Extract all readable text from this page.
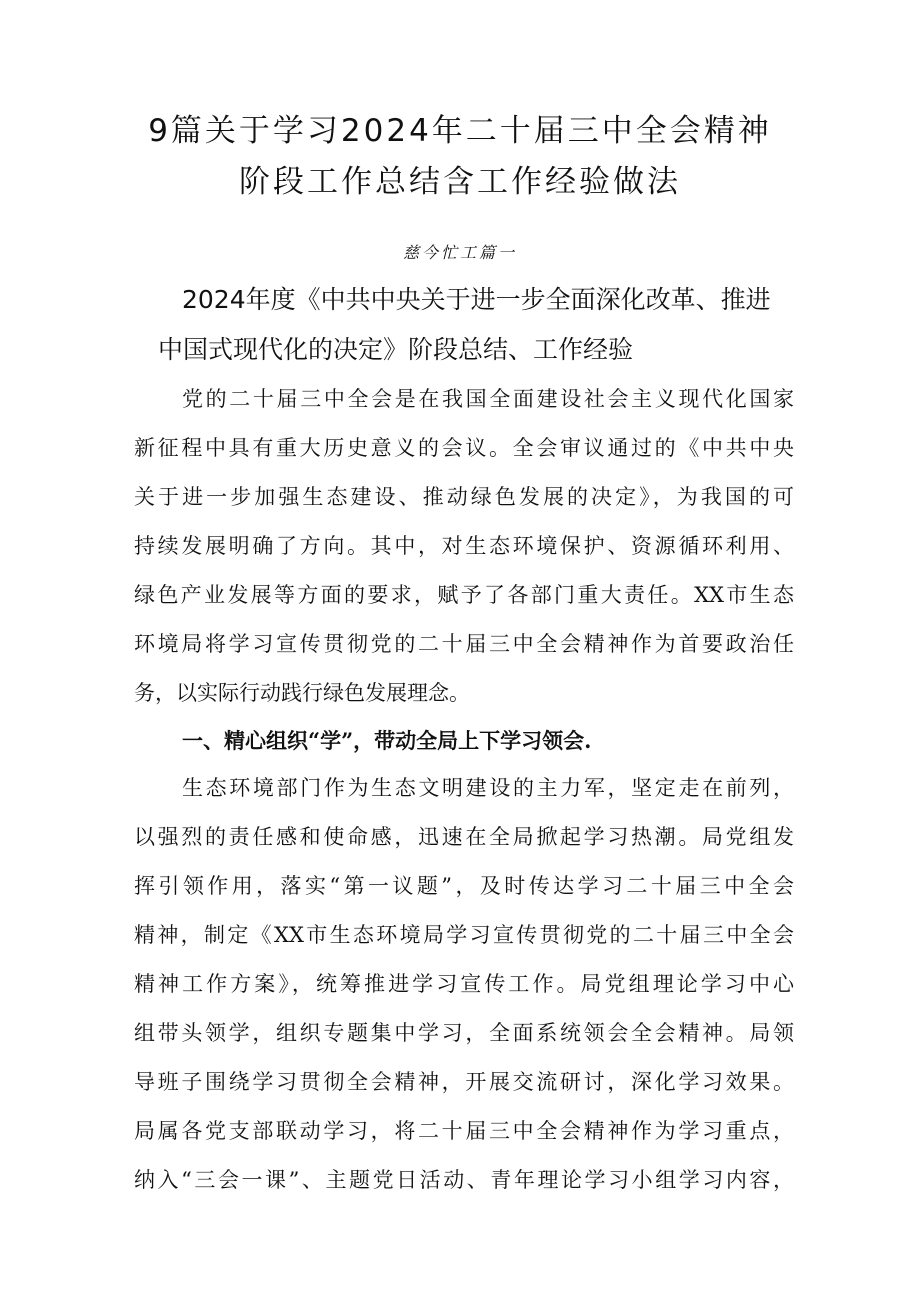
9篇关于学习2024年二十届三中全会精神
阶段工作总结含工作经验做法
慈今忙工篇一
2024年度《中共中央关于进一步全面深化改革、推进
中国式现代化的决定》阶段总结、工作经验
党的二十届三中全会是在我国全面建设社会主义现代化国家
新征程中具有重大历史意义的会议。全会审议通过的《中共中央
关于进一步加强生态建设、推动绿色发展的决定》，为我国的可
持续发展明确了方向。其中，对生态环境保护、资源循环利用、
绿色产业发展等方面的要求，赋予了各部门重大责任。XX市生态
环境局将学习宣传贯彻党的二十届三中全会精神作为首要政治任
务，以实际行动践行绿色发展理念。
一、精心组织“学”，带动全局上下学习领会.
生态环境部门作为生态文明建设的主力军，坚定走在前列，
以强烈的责任感和使命感，迅速在全局掀起学习热潮。局党组发
挥引领作用，落实“第一议题”，及时传达学习二十届三中全会
精神，制定《XX市生态环境局学习宣传贯彻党的二十届三中全会
精神工作方案》，统筹推进学习宣传工作。局党组理论学习中心
组带头领学，组织专题集中学习，全面系统领会全会精神。局领
导班子围绕学习贯彻全会精神，开展交流研讨，深化学习效果。
局属各党支部联动学习，将二十届三中全会精神作为学习重点，
纳入“三会一课”、主题党日活动、青年理论学习小组学习内容，
